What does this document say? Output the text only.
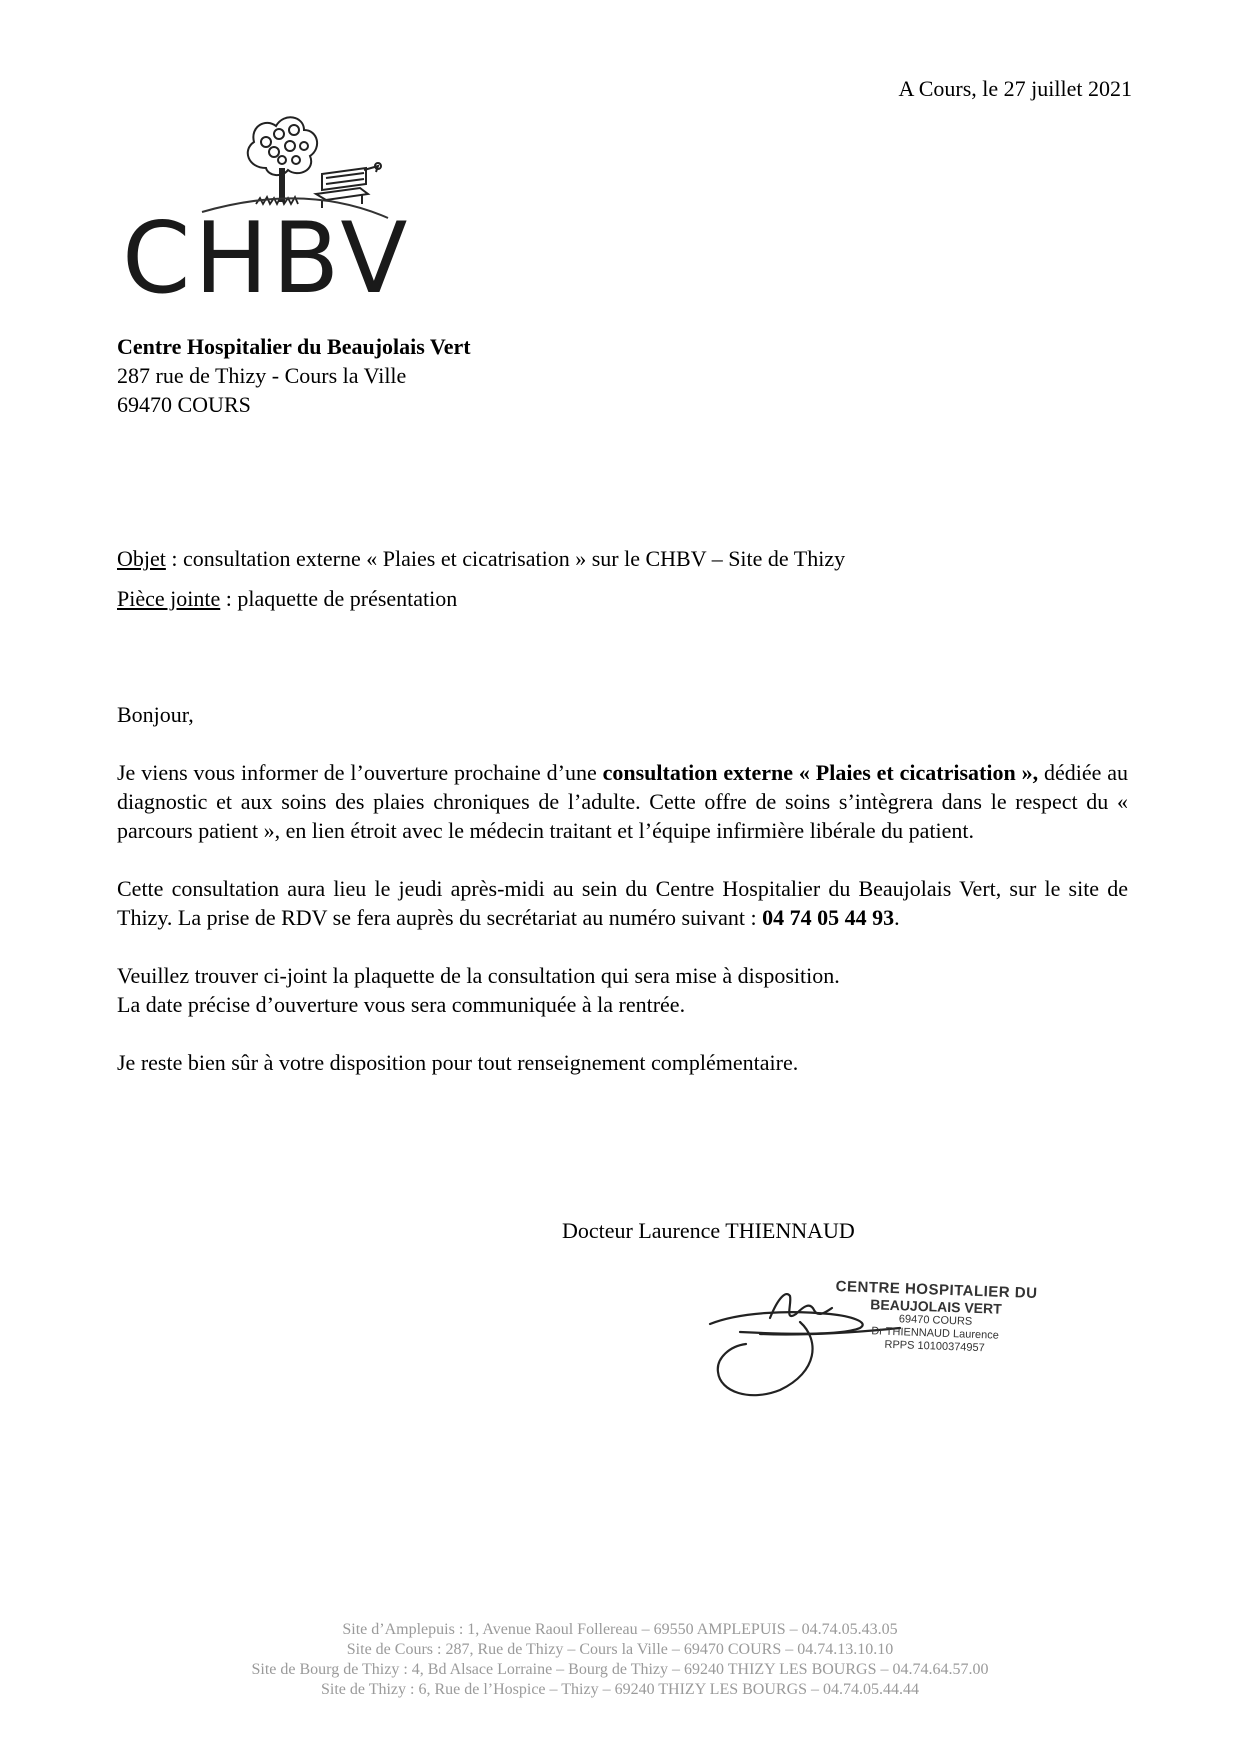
A Cours, le 27 juillet 2021
CHBV
Centre Hospitalier du Beaujolais Vert
287 rue de Thizy - Cours la Ville
69470 COURS
Objet : consultation externe « Plaies et cicatrisation » sur le CHBV – Site de Thizy
Pièce jointe : plaquette de présentation

Bonjour,

Je viens vous informer de l’ouverture prochaine d’une consultation externe « Plaies et cicatrisation », dédiée au diagnostic et aux soins des plaies chroniques de l’adulte. Cette offre de soins s’intègrera dans le respect du « parcours patient », en lien étroit avec le médecin traitant et l’équipe infirmière libérale du patient.

Cette consultation aura lieu le jeudi après-midi au sein du Centre Hospitalier du Beaujolais Vert, sur le site de Thizy. La prise de RDV se fera auprès du secrétariat au numéro suivant : 04 74 05 44 93.

Veuillez trouver ci-joint la plaquette de la consultation qui sera mise à disposition.
La date précise d’ouverture vous sera communiquée à la rentrée.

Je reste bien sûr à votre disposition pour tout renseignement complémentaire.

Docteur Laurence THIENNAUD
CENTRE HOSPITALIER DU
BEAUJOLAIS VERT
69470 COURS
Dr THIENNAUD Laurence
RPPS 10100374957
Site d’Amplepuis : 1, Avenue Raoul Follereau – 69550 AMPLEPUIS – 04.74.05.43.05
Site de Cours : 287, Rue de Thizy – Cours la Ville – 69470 COURS – 04.74.13.10.10
Site de Bourg de Thizy : 4, Bd Alsace Lorraine – Bourg de Thizy – 69240 THIZY LES BOURGS – 04.74.64.57.00
Site de Thizy : 6, Rue de l’Hospice – Thizy – 69240 THIZY LES BOURGS – 04.74.05.44.44
